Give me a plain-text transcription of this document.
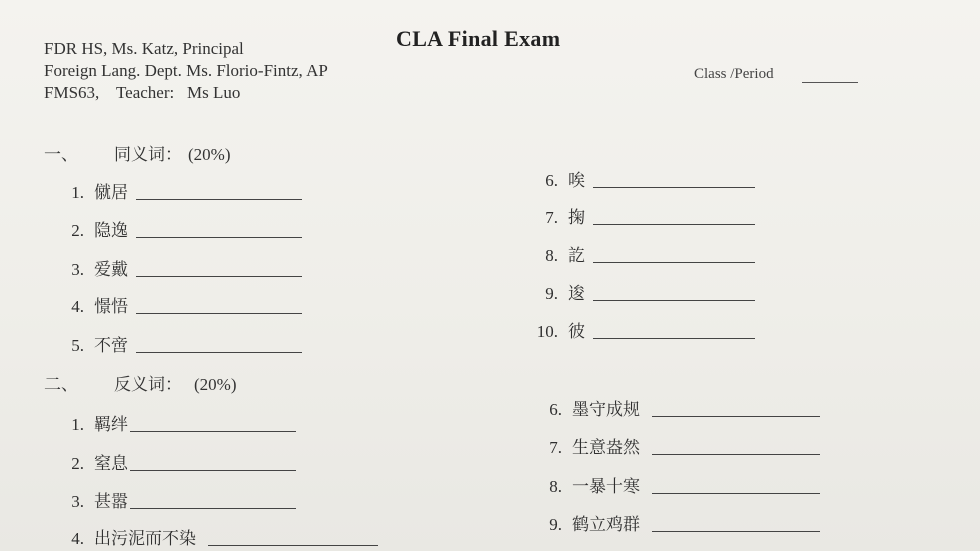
FDR HS, Ms. Katz, Principal
Foreign Lang. Dept. Ms. Florio-Fintz, AP
FMS63,    Teacher:   Ms Luo
CLA Final Exam
Class /Period
一、 同义词： (20%)
1. 僦居
2. 隐逸
3. 爱戴
4. 憬悟
5. 不啻
6. 唉
7. 掬
8. 訖
9. 逡
10. 彼
二、 反义词： (20%)
1. 羁绊
2. 窒息
3. 甚嚣
4. 出污泥而不染
6. 墨守成规
7. 生意盎然
8. 一暴十寒
9. 鹤立鸡群
